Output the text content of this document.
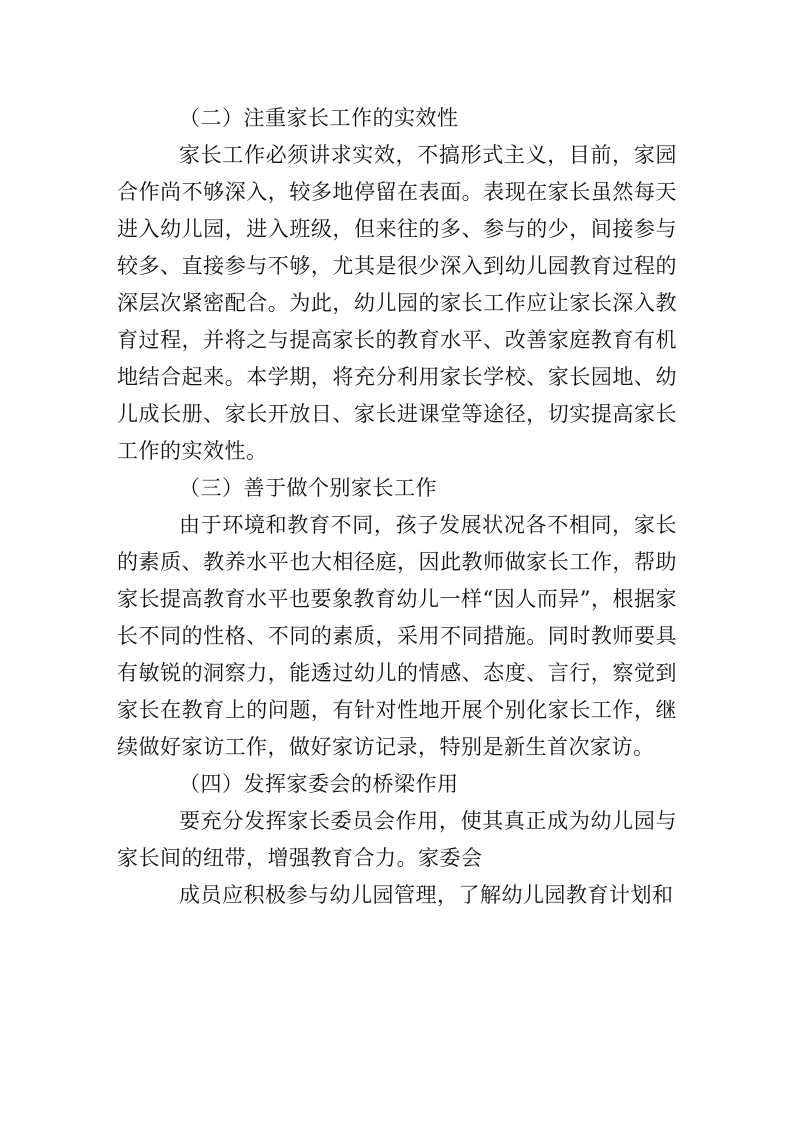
（二）注重家长工作的实效性

家长工作必须讲求实效，不搞形式主义，目前，家园合作尚不够深入，较多地停留在表面。表现在家长虽然每天进入幼儿园，进入班级，但来往的多、参与的少，间接参与较多、直接参与不够，尤其是很少深入到幼儿园教育过程的深层次紧密配合。为此，幼儿园的家长工作应让家长深入教育过程，并将之与提高家长的教育水平、改善家庭教育有机地结合起来。本学期，将充分利用家长学校、家长园地、幼儿成长册、家长开放日、家长进课堂等途径，切实提高家长工作的实效性。

（三）善于做个别家长工作

由于环境和教育不同，孩子发展状况各不相同，家长的素质、教养水平也大相径庭，因此教师做家长工作，帮助家长提高教育水平也要象教育幼儿一样“因人而异”，根据家长不同的性格、不同的素质，采用不同措施。同时教师要具有敏锐的洞察力，能透过幼儿的情感、态度、言行，察觉到家长在教育上的问题，有针对性地开展个别化家长工作，继续做好家访工作，做好家访记录，特别是新生首次家访。

（四）发挥家委会的桥梁作用

要充分发挥家长委员会作用，使其真正成为幼儿园与家长间的纽带，增强教育合力。家委会

成员应积极参与幼儿园管理，了解幼儿园教育计划和
